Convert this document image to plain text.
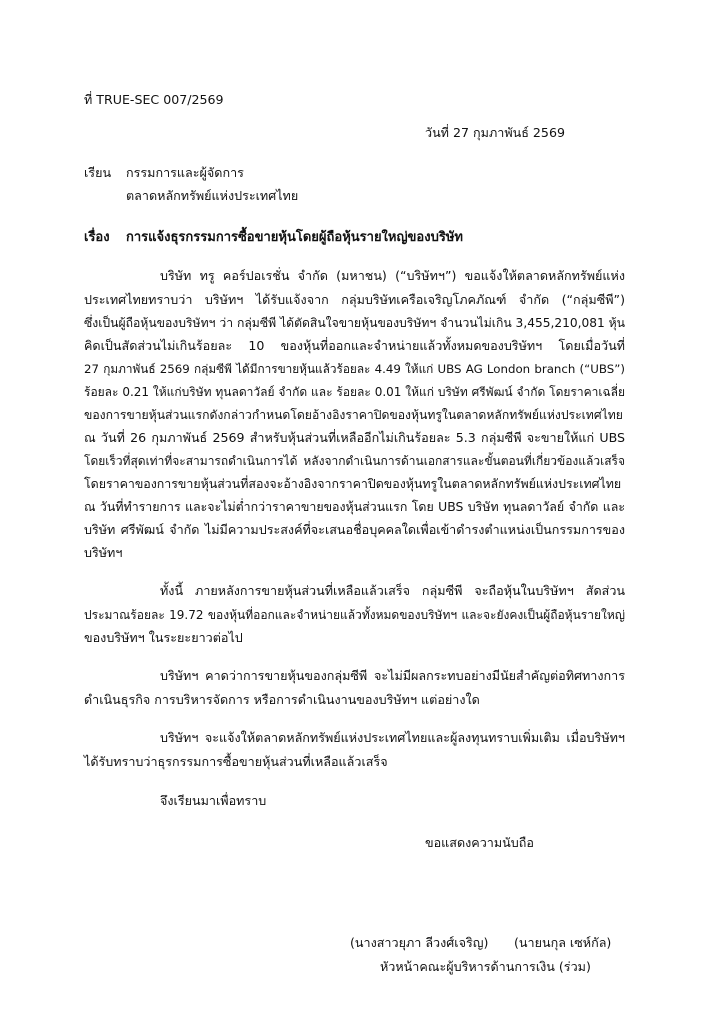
ที่ TRUE-SEC 007/2569
วันที่ 27 กุมภาพันธ์ 2569
เรียน กรรมการและผู้จัดการ
ตลาดหลักทรัพย์แห่งประเทศไทย
เรื่อง การแจ้งธุรกรรมการซื้อขายหุ้นโดยผู้ถือหุ้นรายใหญ่ของบริษัท
บริษัท ทรู คอร์ปอเรชั่น จำกัด (มหาชน) (“บริษัทฯ”) ขอแจ้งให้ตลาดหลักทรัพย์แห่ง
ประเทศไทยทราบว่า บริษัทฯ ได้รับแจ้งจาก กลุ่มบริษัทเครือเจริญโภคภัณฑ์ จำกัด (“กลุ่มซีพี”)
ซึ่งเป็นผู้ถือหุ้นของบริษัทฯ ว่า กลุ่มซีพี ได้ตัดสินใจขายหุ้นของบริษัทฯ จำนวนไม่เกิน 3,455,210,081 หุ้น
คิดเป็นสัดส่วนไม่เกินร้อยละ 10 ของหุ้นที่ออกและจำหน่ายแล้วทั้งหมดของบริษัทฯ โดยเมื่อวันที่
27 กุมภาพันธ์ 2569 กลุ่มซีพี ได้มีการขายหุ้นแล้วร้อยละ 4.49 ให้แก่ UBS AG London branch (“UBS”)
ร้อยละ 0.21 ให้แก่บริษัท ทุนลดาวัลย์ จำกัด และ ร้อยละ 0.01 ให้แก่ บริษัท ศรีพัฒน์ จำกัด โดยราคาเฉลี่ย
ของการขายหุ้นส่วนแรกดังกล่าวกำหนดโดยอ้างอิงราคาปิดของหุ้นทรูในตลาดหลักทรัพย์แห่งประเทศไทย
ณ วันที่ 26 กุมภาพันธ์ 2569 สำหรับหุ้นส่วนที่เหลืออีกไม่เกินร้อยละ 5.3 กลุ่มซีพี จะขายให้แก่ UBS
โดยเร็วที่สุดเท่าที่จะสามารถดำเนินการได้ หลังจากดำเนินการด้านเอกสารและขั้นตอนที่เกี่ยวข้องแล้วเสร็จ
โดยราคาของการขายหุ้นส่วนที่สองจะอ้างอิงจากราคาปิดของหุ้นทรูในตลาดหลักทรัพย์แห่งประเทศไทย
ณ วันที่ทำรายการ และจะไม่ต่ำกว่าราคาขายของหุ้นส่วนแรก โดย UBS บริษัท ทุนลดาวัลย์ จำกัด และ
บริษัท ศรีพัฒน์ จำกัด ไม่มีความประสงค์ที่จะเสนอชื่อบุคคลใดเพื่อเข้าดำรงตำแหน่งเป็นกรรมการของ
บริษัทฯ
ทั้งนี้ ภายหลังการขายหุ้นส่วนที่เหลือแล้วเสร็จ กลุ่มซีพี จะถือหุ้นในบริษัทฯ สัดส่วน
ประมาณร้อยละ 19.72 ของหุ้นที่ออกและจำหน่ายแล้วทั้งหมดของบริษัทฯ และจะยังคงเป็นผู้ถือหุ้นรายใหญ่
ของบริษัทฯ ในระยะยาวต่อไป
บริษัทฯ คาดว่าการขายหุ้นของกลุ่มซีพี จะไม่มีผลกระทบอย่างมีนัยสำคัญต่อทิศทางการ
ดำเนินธุรกิจ การบริหารจัดการ หรือการดำเนินงานของบริษัทฯ แต่อย่างใด
บริษัทฯ จะแจ้งให้ตลาดหลักทรัพย์แห่งประเทศไทยและผู้ลงทุนทราบเพิ่มเติม เมื่อบริษัทฯ
ได้รับทราบว่าธุรกรรมการซื้อขายหุ้นส่วนที่เหลือแล้วเสร็จ
จึงเรียนมาเพื่อทราบ
ขอแสดงความนับถือ
(นางสาวยุภา ลีวงศ์เจริญ) (นายนกุล เซห์กัล)
หัวหน้าคณะผู้บริหารด้านการเงิน (ร่วม)
